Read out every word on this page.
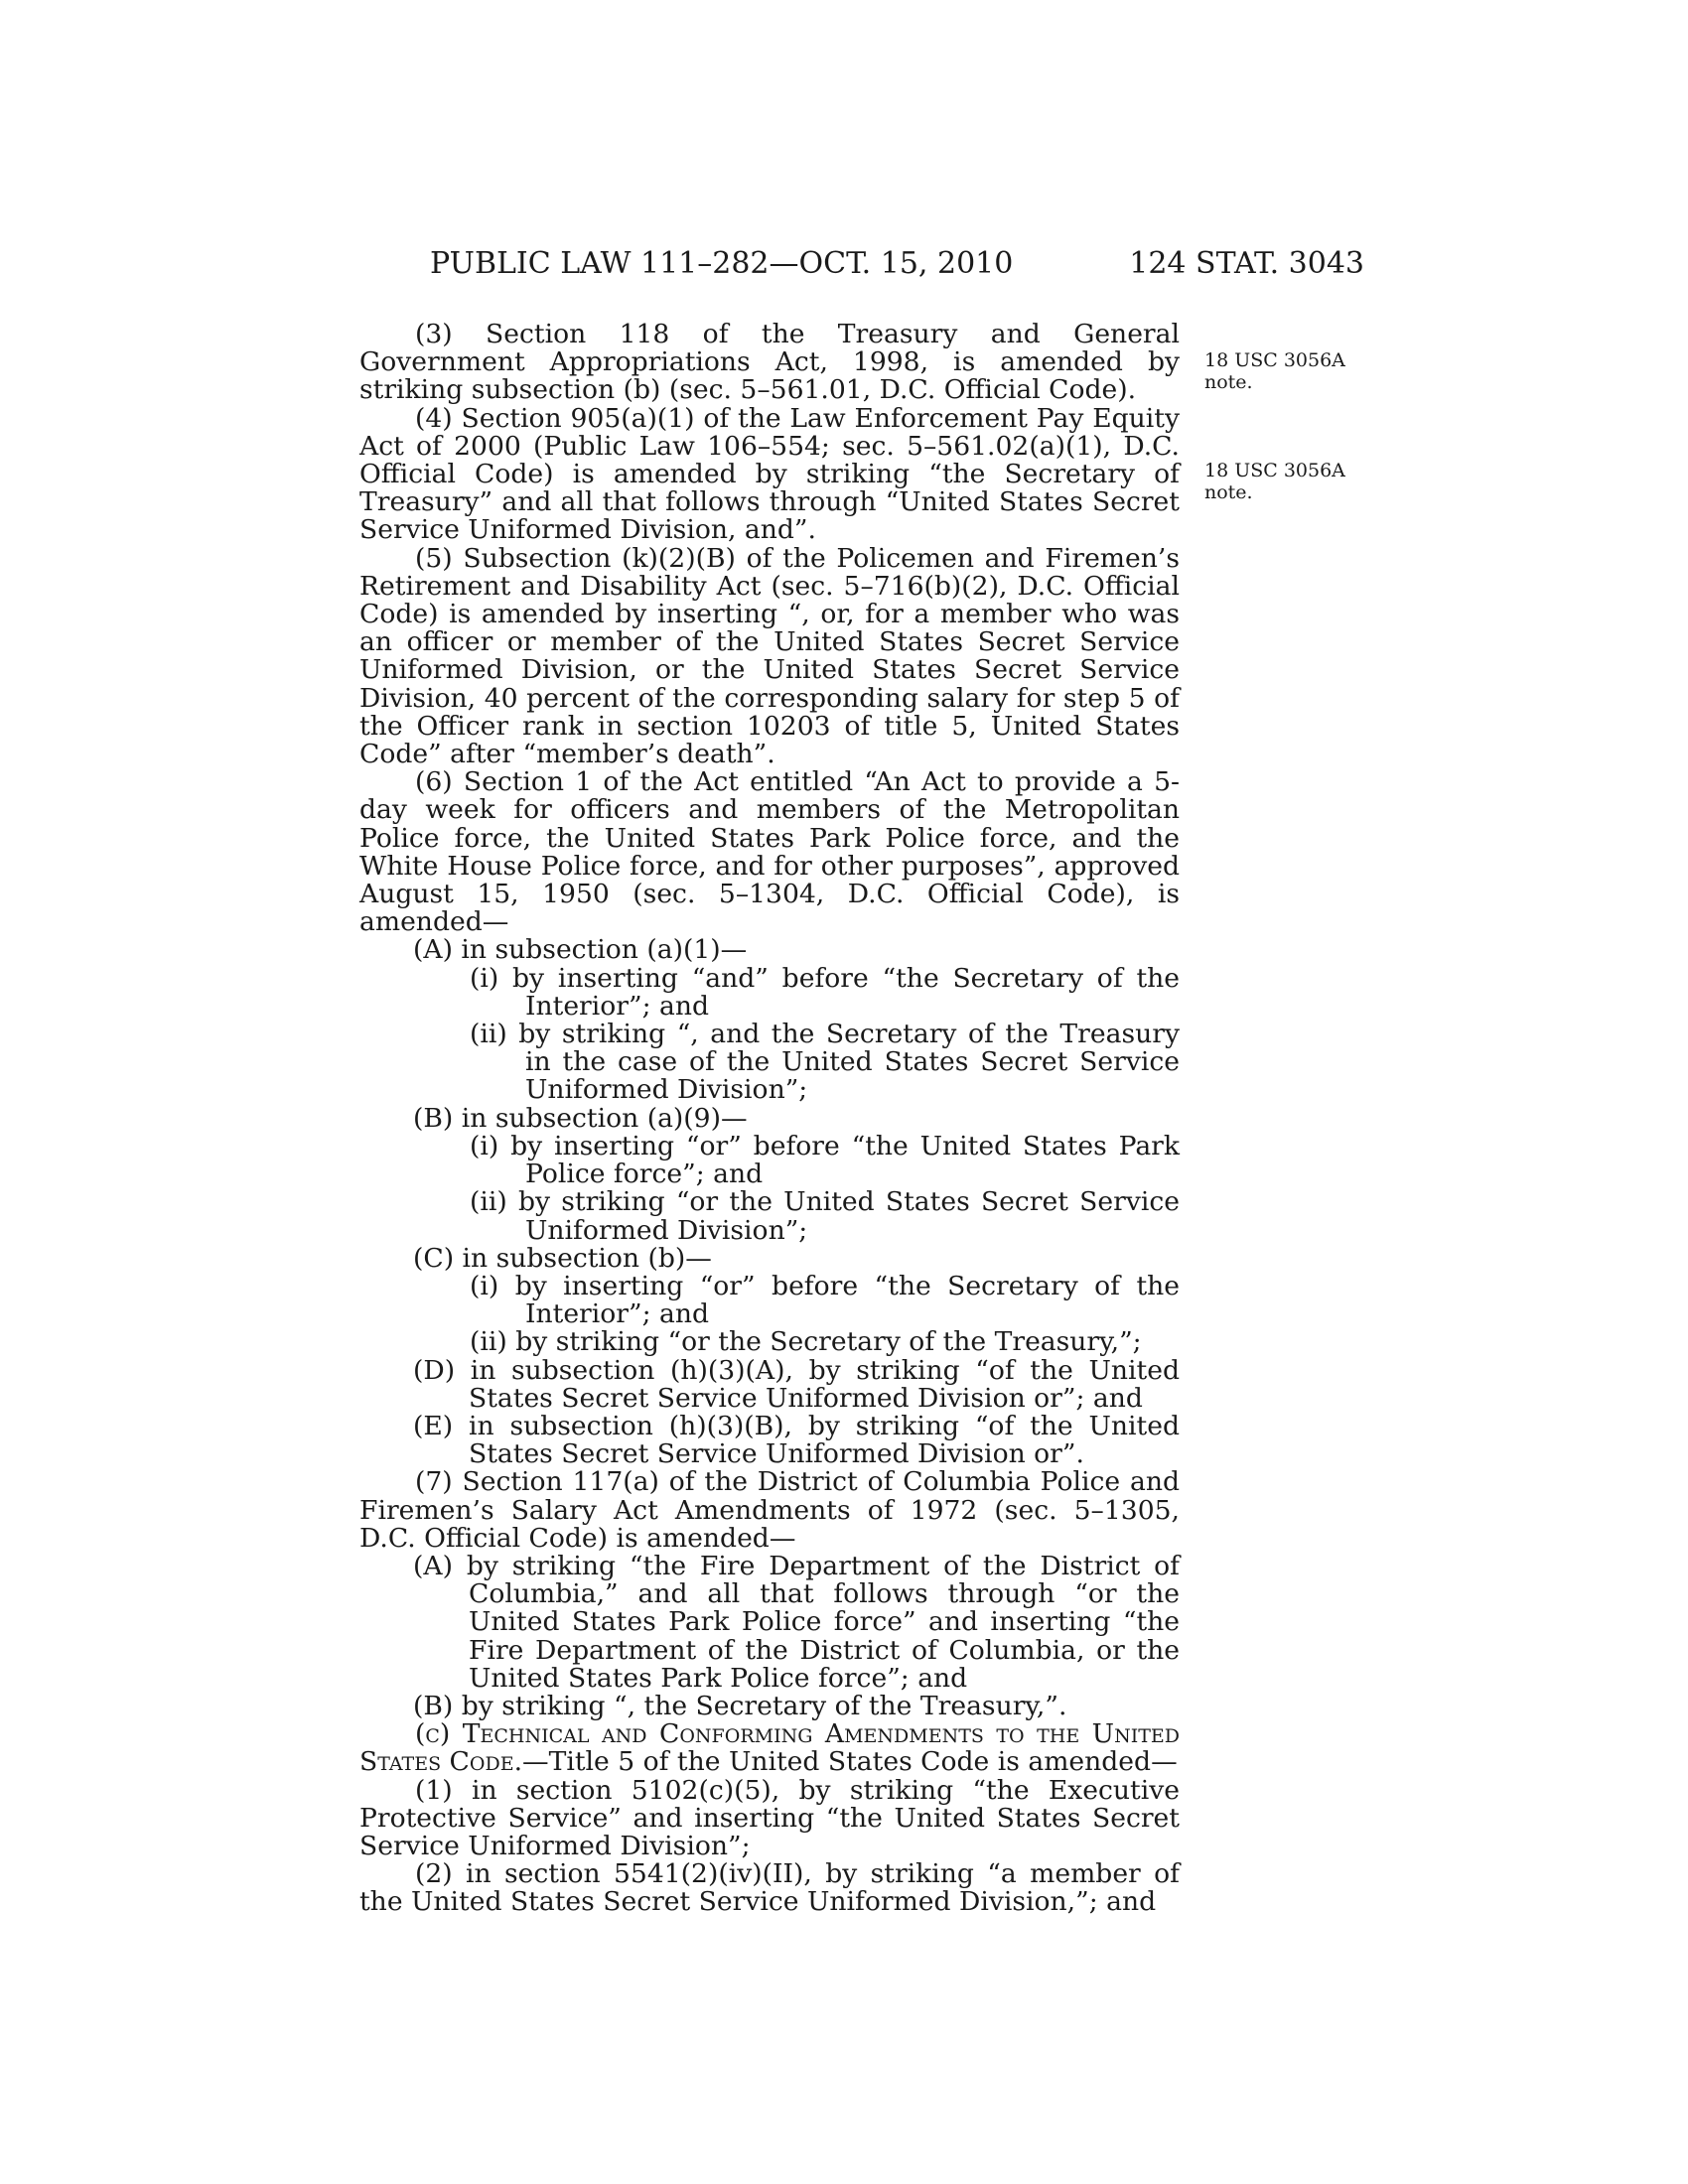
PUBLIC LAW 111–282—OCT. 15, 2010	124 STAT. 3043
18 USC 3056A
note.
18 USC 3056A
note.

(3) Section 118 of the Treasury and General Government Appropriations Act, 1998, is amended by striking subsection (b) (sec. 5–561.01, D.C. Official Code).

(4) Section 905(a)(1) of the Law Enforcement Pay Equity Act of 2000 (Public Law 106–554; sec. 5–561.02(a)(1), D.C. Official Code) is amended by striking “the Secretary of Treasury” and all that follows through “United States Secret Service Uniformed Division, and”.

(5) Subsection (k)(2)(B) of the Policemen and Firemen’s Retirement and Disability Act (sec. 5–716(b)(2), D.C. Official Code) is amended by inserting “, or, for a member who was an officer or member of the United States Secret Service Uniformed Division, or the United States Secret Service Division, 40 percent of the corresponding salary for step 5 of the Officer rank in section 10203 of title 5, United States Code” after “member’s death”.

(6) Section 1 of the Act entitled “An Act to provide a 5-day week for officers and members of the Metropolitan Police force, the United States Park Police force, and the White House Police force, and for other purposes”, approved August 15, 1950 (sec. 5–1304, D.C. Official Code), is amended—

(A) in subsection (a)(1)—

(i) by inserting “and” before “the Secretary of the Interior”; and

(ii) by striking “, and the Secretary of the Treasury in the case of the United States Secret Service Uniformed Division”;

(B) in subsection (a)(9)—

(i) by inserting “or” before “the United States Park Police force”; and

(ii) by striking “or the United States Secret Service Uniformed Division”;

(C) in subsection (b)—

(i) by inserting “or” before “the Secretary of the Interior”; and

(ii) by striking “or the Secretary of the Treasury,”;

(D) in subsection (h)(3)(A), by striking “of the United States Secret Service Uniformed Division or”; and

(E) in subsection (h)(3)(B), by striking “of the United States Secret Service Uniformed Division or”.

(7) Section 117(a) of the District of Columbia Police and Firemen’s Salary Act Amendments of 1972 (sec. 5–1305, D.C. Official Code) is amended—

(A) by striking “the Fire Department of the District of Columbia,” and all that follows through “or the United States Park Police force” and inserting “the Fire Department of the District of Columbia, or the United States Park Police force”; and

(B) by striking “, the Secretary of the Treasury,”.

(c) Technical and Conforming Amendments to the United States Code.—Title 5 of the United States Code is amended—

(1) in section 5102(c)(5), by striking “the Executive Protective Service” and inserting “the United States Secret Service Uniformed Division”;

(2) in section 5541(2)(iv)(II), by striking “a member of the United States Secret Service Uniformed Division,”; and
